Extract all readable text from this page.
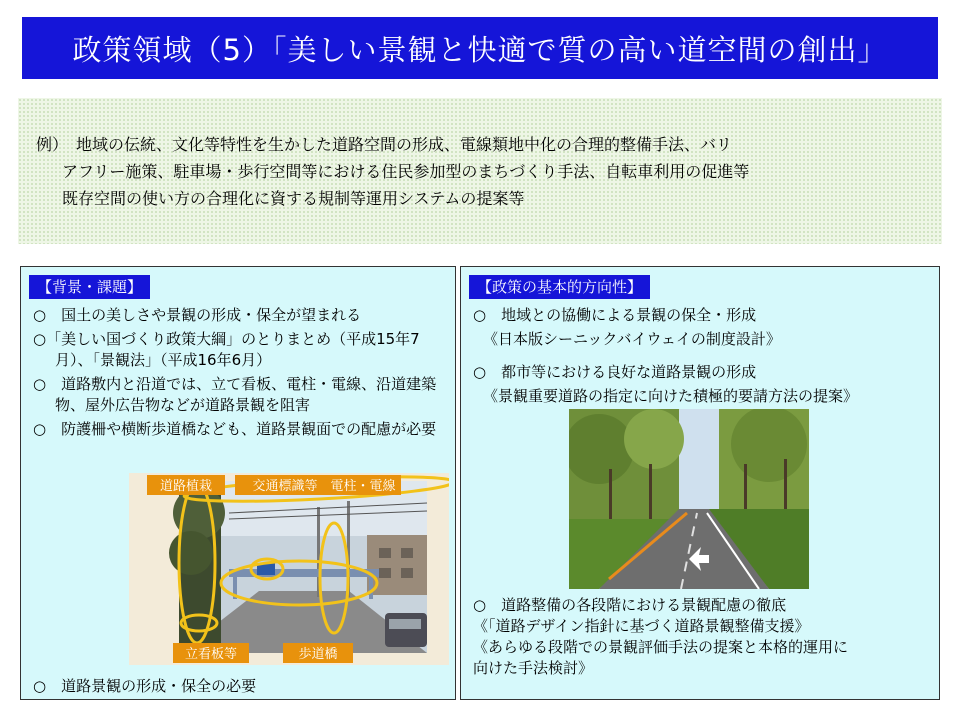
政策領域（5）「美しい景観と快適で質の高い道空間の創出」
例）　地域の伝統、文化等特性を生かした道路空間の形成、電線類地中化の合理的整備手法、バリ
アフリー施策、駐車場・歩行空間等における住民参加型のまちづくり手法、自転車利用の促進等
既存空間の使い方の合理化に資する規制等運用システムの提案等
【背景・課題】
○　国土の美しさや景観の形成・保全が望まれる
○「美しい国づくり政策大綱」のとりまとめ（平成15年7月）、「景観法」（平成16年6月）
○　道路敷内と沿道では、立て看板、電柱・電線、沿道建築物、屋外広告物などが道路景観を阻害
○　防護柵や横断歩道橋なども、道路景観面での配慮が必要
道路植栽	交通標識等 電柱・電線
立看板等	歩道橋
○　道路景観の形成・保全の必要
【政策の基本的方向性】
○　地域との協働による景観の保全・形成
《日本版シーニックバイウェイの制度設計》
○　都市等における良好な道路景観の形成
《景観重要道路の指定に向けた積極的要請方法の提案》
○　道路整備の各段階における景観配慮の徹底
《「道路デザイン指針に基づく道路景観整備支援》
《あらゆる段階での景観評価手法の提案と本格的運用に
向けた手法検討》
